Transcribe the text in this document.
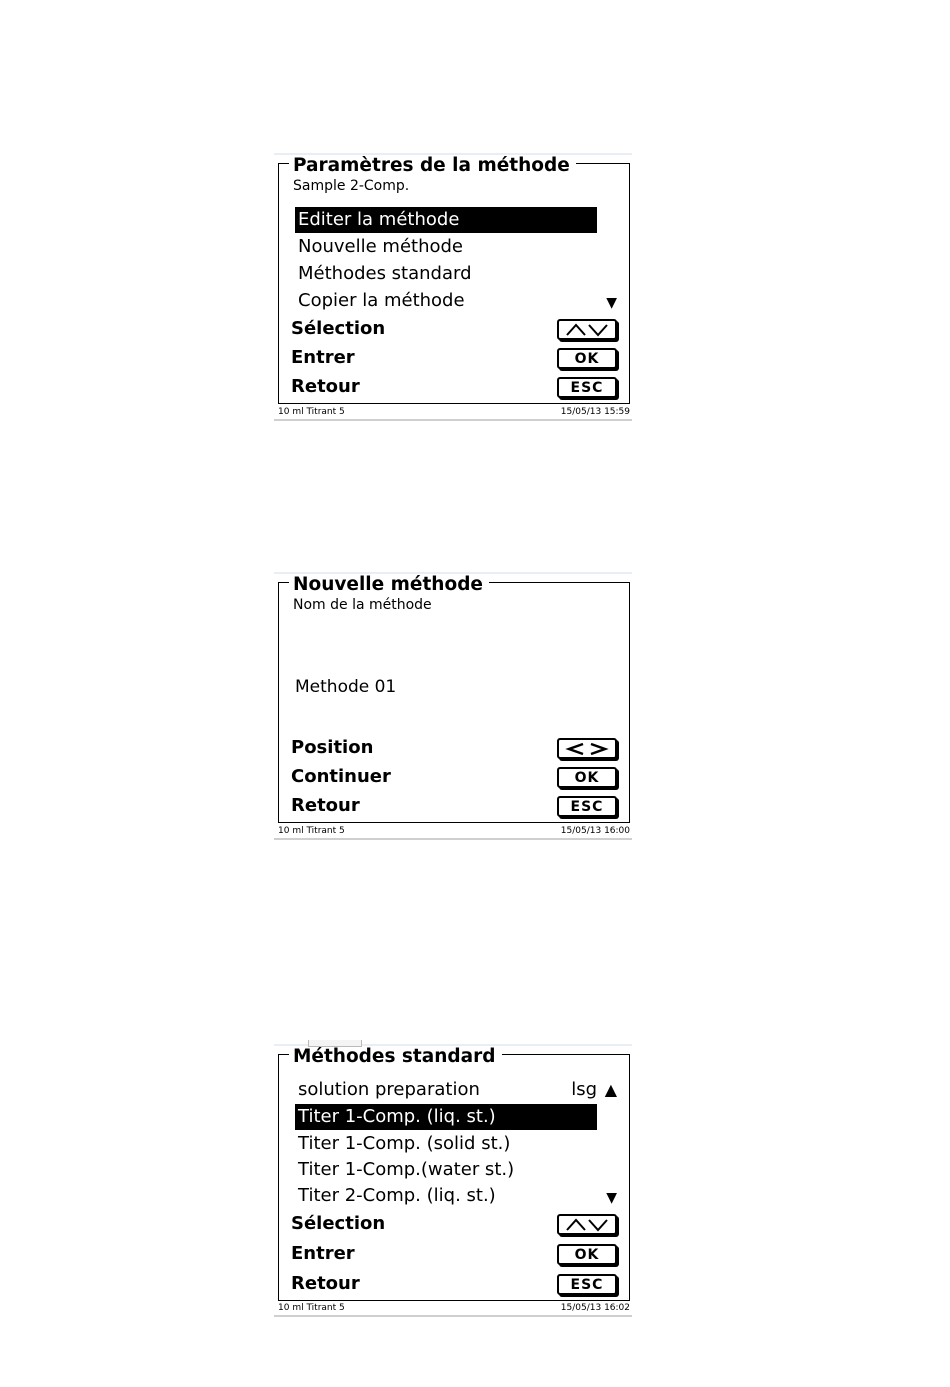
Paramètres de la méthode
Sample 2-Comp.
Editer la méthode
Nouvelle méthode
Méthodes standard
Copier la méthode	▼
Sélection
Entrer	OK
Retour	ESC
10 ml Titrant 5	15/05/13 15:59
Nouvelle méthode
Nom de la méthode
Methode 01
Position
Continuer	OK
Retour	ESC
10 ml Titrant 5	15/05/13 16:00
Méthodes standard
solution preparation	lsg ▲
Titer 1-Comp. (liq. st.)
Titer 1-Comp. (solid st.)
Titer 1-Comp.(water st.)
Titer 2-Comp. (liq. st.)	▼
Sélection
Entrer	OK
Retour	ESC
10 ml Titrant 5	15/05/13 16:02
